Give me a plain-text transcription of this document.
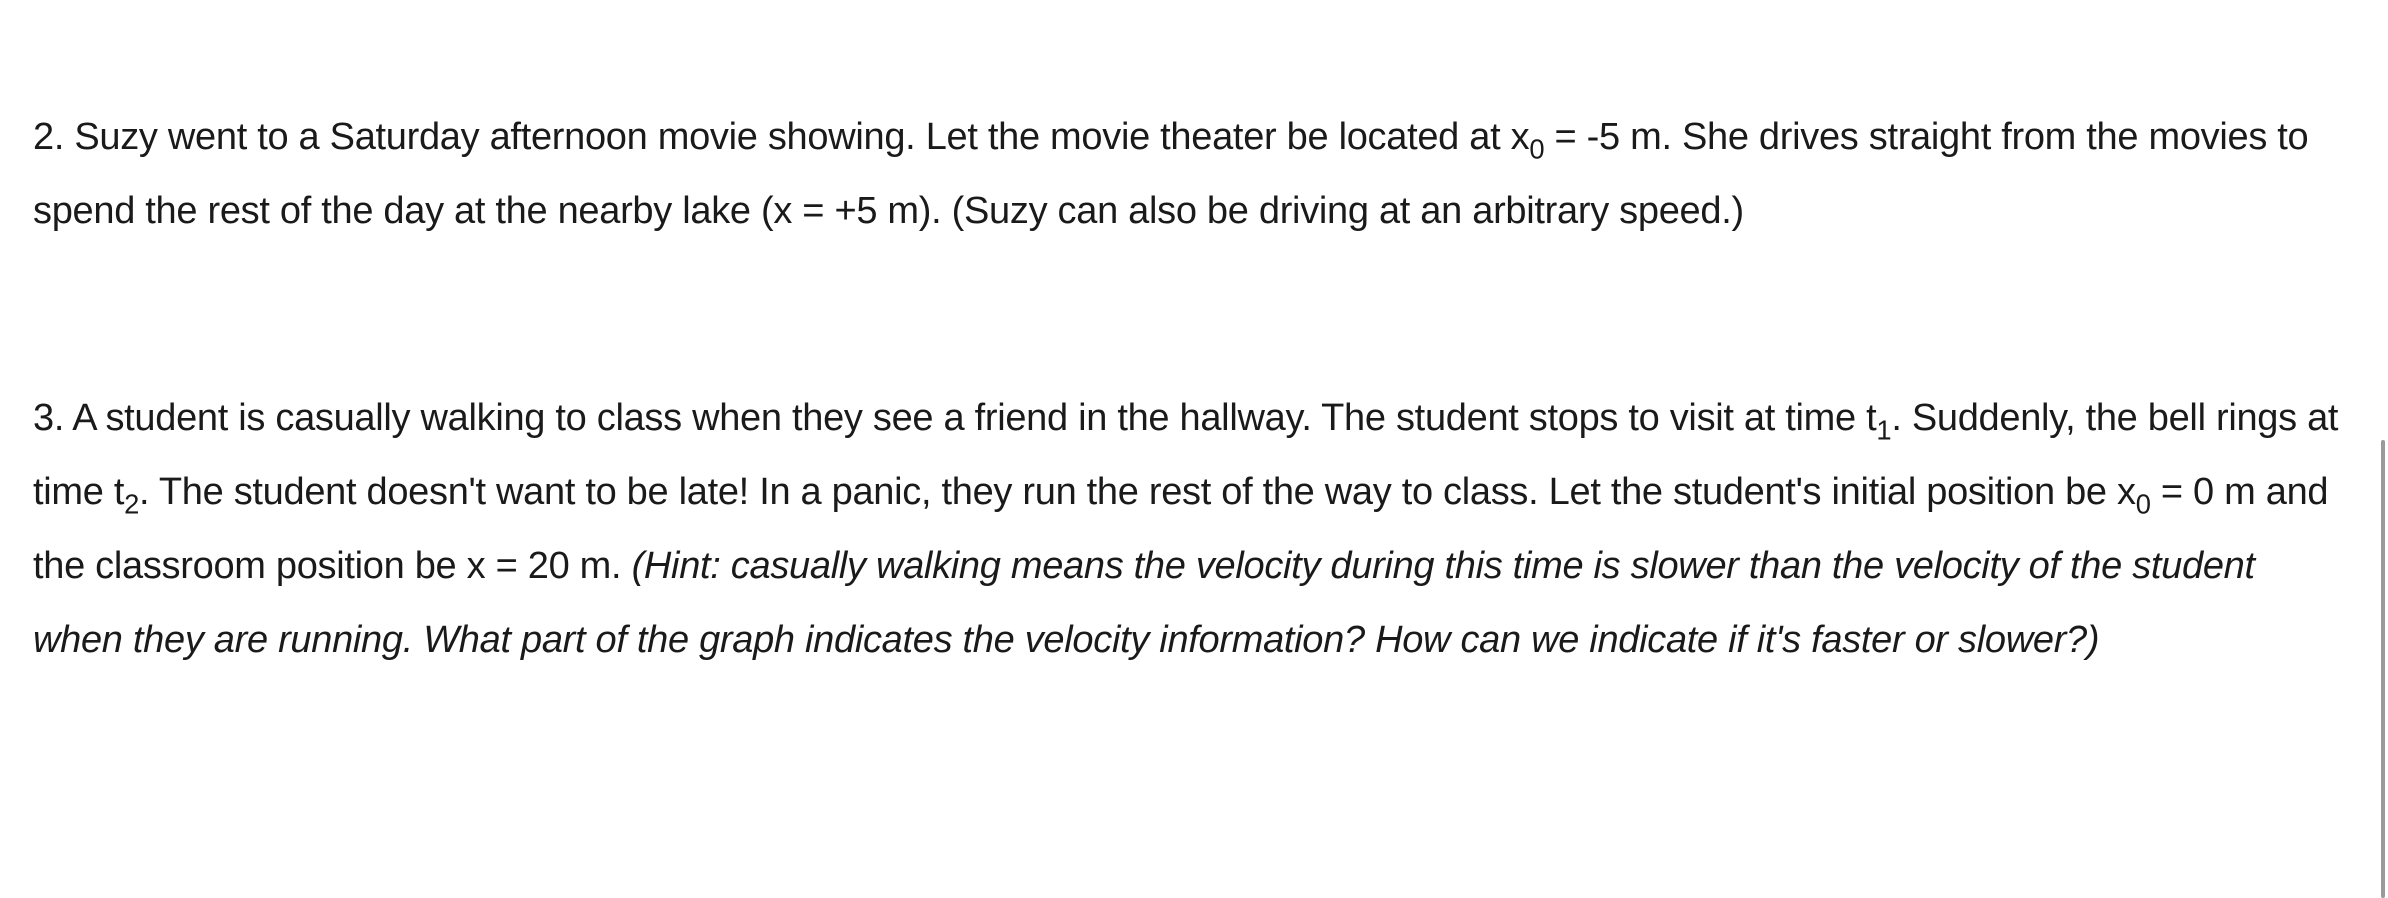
2. Suzy went to a Saturday afternoon movie showing. Let the movie theater be located at $x_0 = -5$ m. She drives straight from the movies to spend the rest of the day at the nearby lake (x = +5 m). (Suzy can also be driving at an arbitrary speed.)

3. A student is casually walking to class when they see a friend in the hallway. The student stops to visit at time $t_1$. Suddenly, the bell rings at time $t_2$. The student doesn't want to be late! In a panic, they run the rest of the way to class. Let the student's initial position be $x_0 = 0$ m and the classroom position be x = 20 m. (Hint: casually walking means the velocity during this time is slower than the velocity of the student when they are running. What part of the graph indicates the velocity information? How can we indicate if it's faster or slower?)
